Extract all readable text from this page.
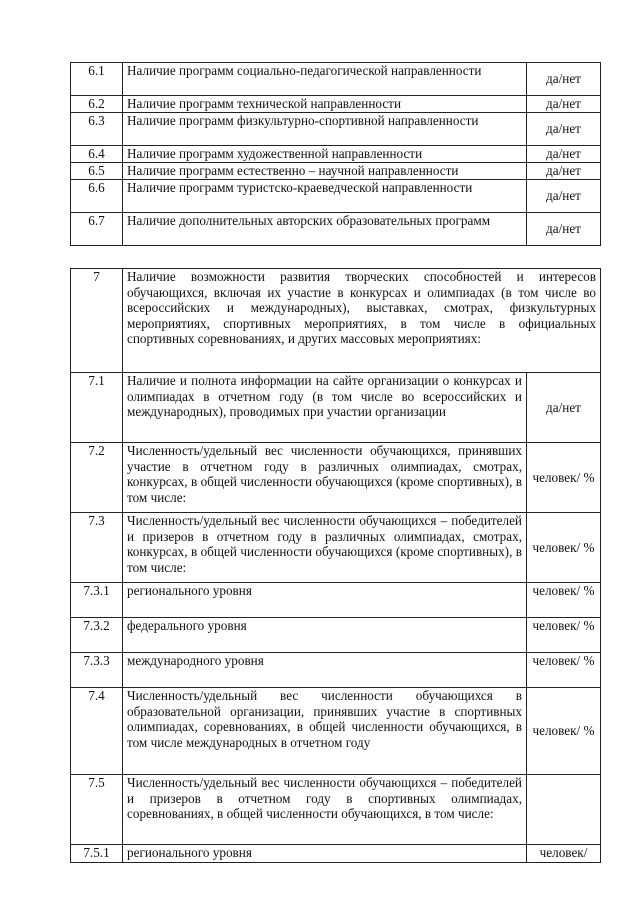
6.1	Наличие программ социально-педагогической направленности	да/нет
6.2	Наличие программ технической направленности	да/нет
6.3	Наличие программ физкультурно-спортивной направленности	да/нет
6.4	Наличие программ художественной направленности	да/нет
6.5	Наличие программ естественно – научной направленности	да/нет
6.6	Наличие программ туристско-краеведческой направленности	да/нет
6.7	Наличие дополнительных авторских образовательных программ	да/нет
7	Наличие возможности развития творческих способностей и интересов обучающихся, включая их участие в конкурсах и олимпиадах (в том числе во всероссийских и международных), выставках, смотрах, физкультурных мероприятиях, спортивных мероприятиях, в том числе в официальных спортивных соревнованиях, и других массовых мероприятиях:	
7.1	Наличие и полнота информации на сайте организации о конкурсах и олимпиадах в отчетном году (в том числе во всероссийских и международных), проводимых при участии организации	да/нет
7.2	Численность/удельный вес численности обучающихся, принявших участие в отчетном году в различных олимпиадах, смотрах, конкурсах, в общей численности обучающихся (кроме спортивных), в том числе:	человек/ %
7.3	Численность/удельный вес численности обучающихся – победителей и призеров в отчетном году в различных олимпиадах, смотрах, конкурсах, в общей численности обучающихся (кроме спортивных), в том числе:	человек/ %
7.3.1	регионального уровня	человек/ %
7.3.2	федерального уровня	человек/ %
7.3.3	международного уровня	человек/ %
7.4	Численность/удельный вес численности обучающихся в образовательной организации, принявших участие в спортивных олимпиадах, соревнованиях, в общей численности обучающихся, в том числе международных в отчетном году	человек/ %
7.5	Численность/удельный вес численности обучающихся – победителей и призеров в отчетном году в спортивных олимпиадах, соревнованиях, в общей численности обучающихся, в том числе:	
7.5.1	регионального уровня	человек/
